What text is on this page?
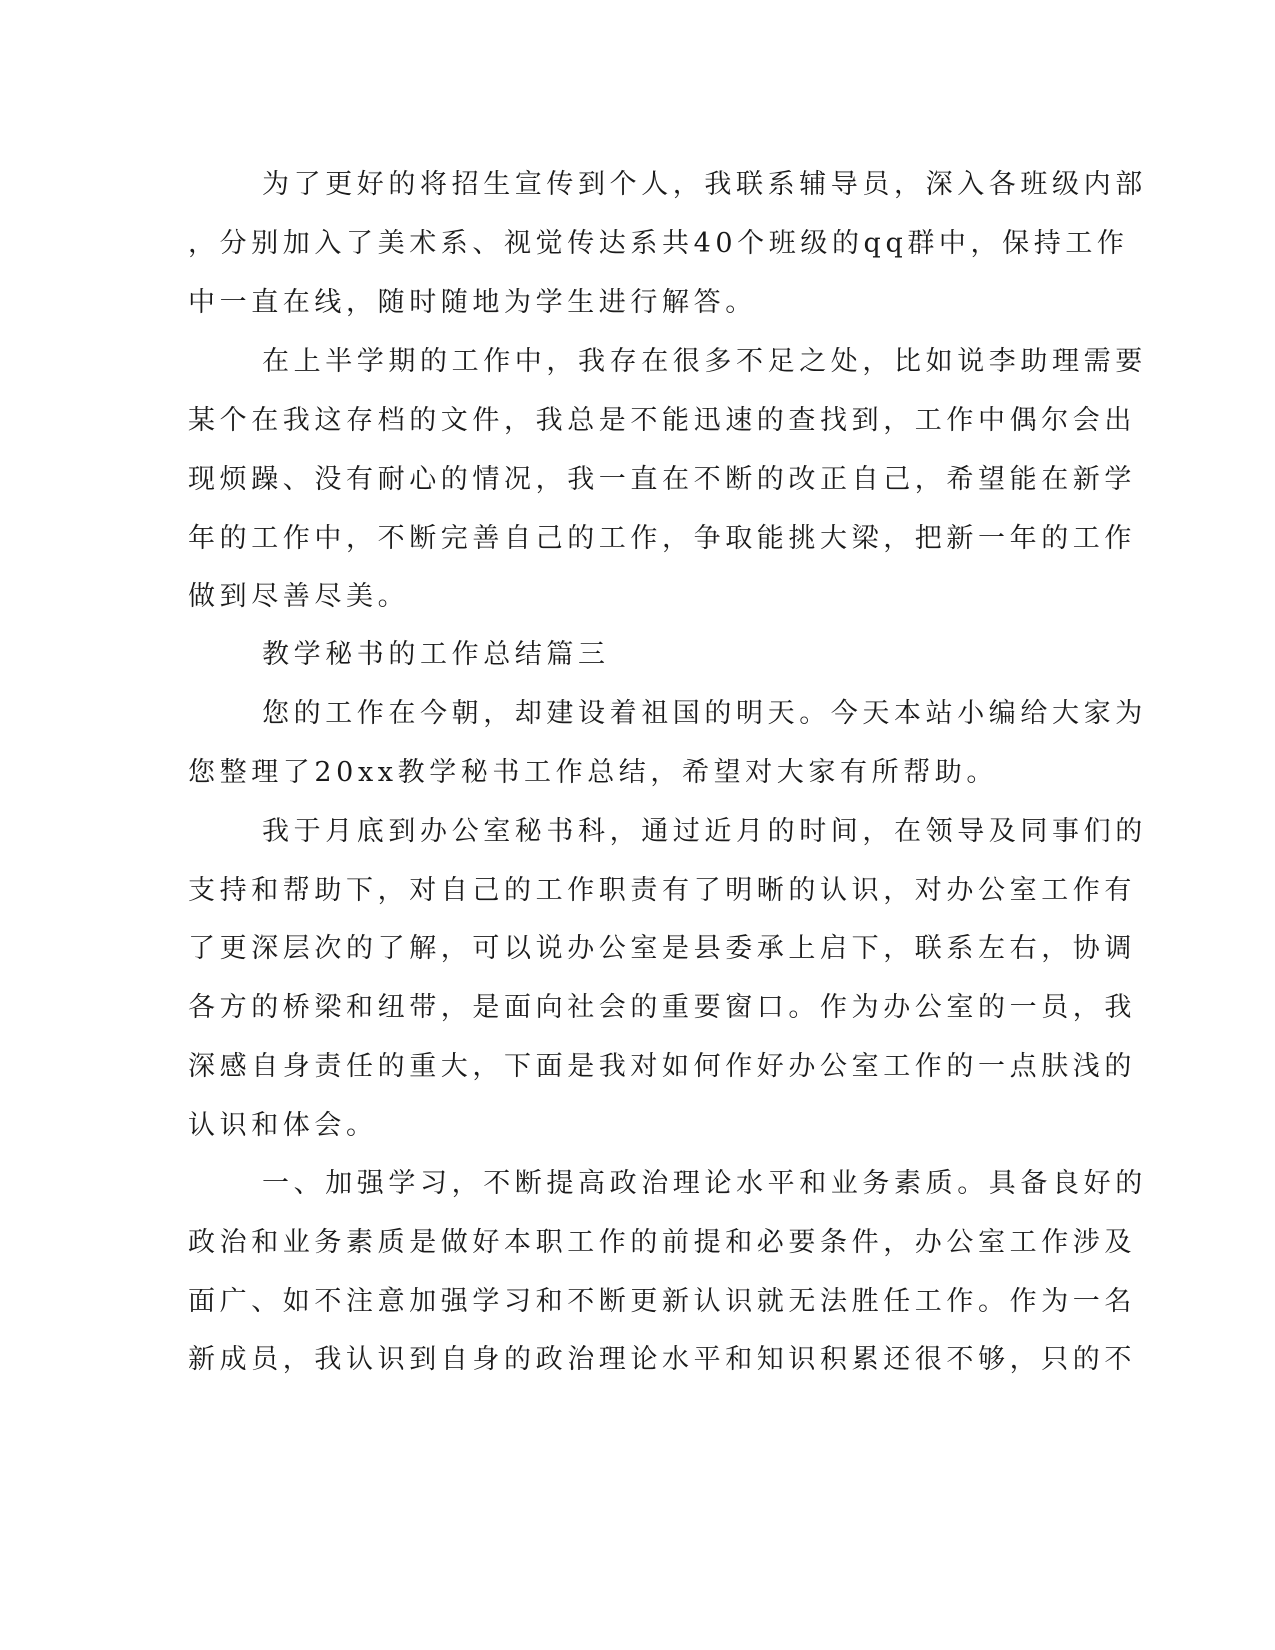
为了更好的将招生宣传到个人，我联系辅导员，深入各班级内部
，分别加入了美术系、视觉传达系共40个班级的qq群中，保持工作
中一直在线，随时随地为学生进行解答。
在上半学期的工作中，我存在很多不足之处，比如说李助理需要
某个在我这存档的文件，我总是不能迅速的查找到，工作中偶尔会出
现烦躁、没有耐心的情况，我一直在不断的改正自己，希望能在新学
年的工作中，不断完善自己的工作，争取能挑大梁，把新一年的工作
做到尽善尽美。
教学秘书的工作总结篇三
您的工作在今朝，却建设着祖国的明天。今天本站小编给大家为
您整理了20xx教学秘书工作总结，希望对大家有所帮助。
我于月底到办公室秘书科，通过近月的时间，在领导及同事们的
支持和帮助下，对自己的工作职责有了明晰的认识，对办公室工作有
了更深层次的了解，可以说办公室是县委承上启下，联系左右，协调
各方的桥梁和纽带，是面向社会的重要窗口。作为办公室的一员，我
深感自身责任的重大，下面是我对如何作好办公室工作的一点肤浅的
认识和体会。
一、加强学习，不断提高政治理论水平和业务素质。具备良好的
政治和业务素质是做好本职工作的前提和必要条件，办公室工作涉及
面广、如不注意加强学习和不断更新认识就无法胜任工作。作为一名
新成员，我认识到自身的政治理论水平和知识积累还很不够，只的不
